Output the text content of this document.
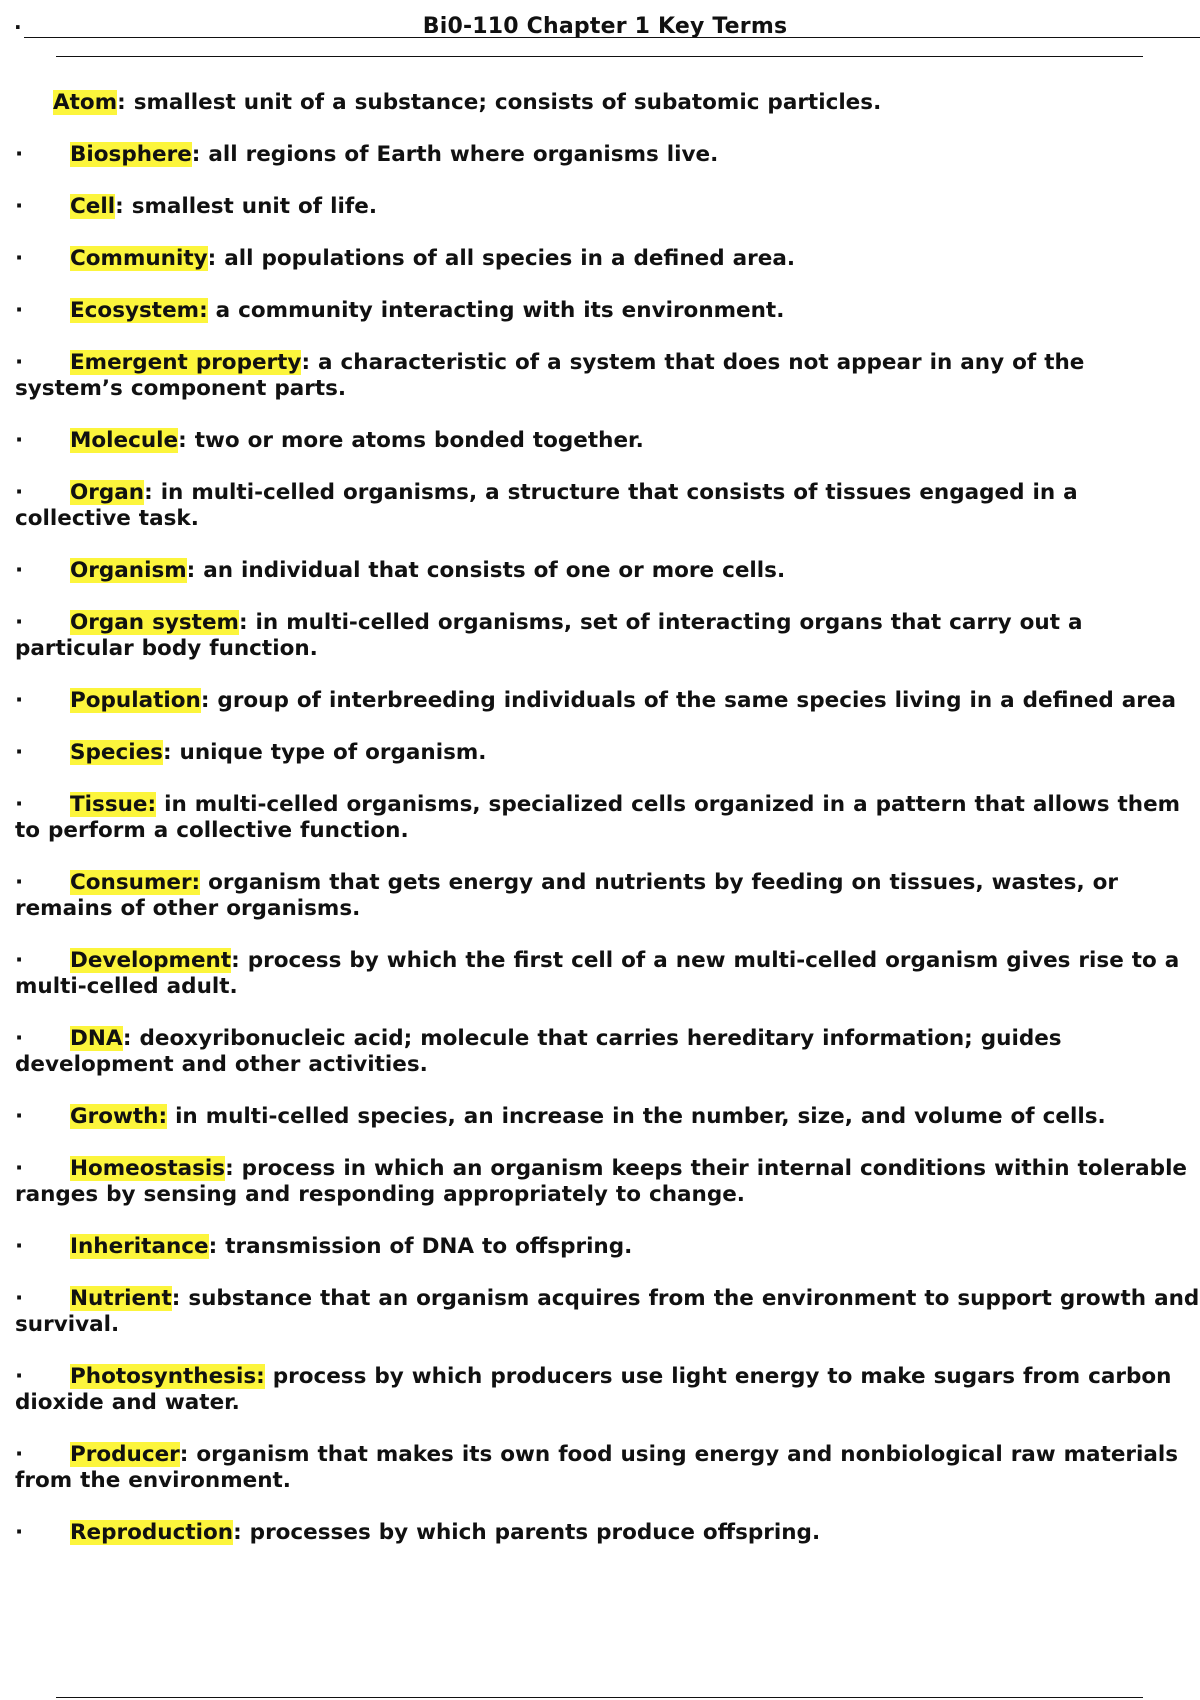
·	Bi0-110 Chapter 1 Key Terms
Atom: smallest unit of a substance; consists of subatomic particles.
· Biosphere: all regions of Earth where organisms live.
· Cell: smallest unit of life.
· Community: all populations of all species in a defined area.
· Ecosystem: a community interacting with its environment.
· Emergent property: a characteristic of a system that does not appear in any of the system’s component parts.
· Molecule: two or more atoms bonded together.
· Organ: in multi-celled organisms, a structure that consists of tissues engaged in a collective task.
· Organism: an individual that consists of one or more cells.
· Organ system: in multi-celled organisms, set of interacting organs that carry out a particular body function.
· Population: group of interbreeding individuals of the same species living in a defined area
· Species: unique type of organism.
· Tissue: in multi-celled organisms, specialized cells organized in a pattern that allows them to perform a collective function.
· Consumer: organism that gets energy and nutrients by feeding on tissues, wastes, or remains of other organisms.
· Development: process by which the first cell of a new multi-celled organism gives rise to a multi-celled adult.
· DNA: deoxyribonucleic acid; molecule that carries hereditary information; guides development and other activities.
· Growth: in multi-celled species, an increase in the number, size, and volume of cells.
· Homeostasis: process in which an organism keeps their internal conditions within tolerable ranges by sensing and responding appropriately to change.
· Inheritance: transmission of DNA to offspring.
· Nutrient: substance that an organism acquires from the environment to support growth and survival.
· Photosynthesis: process by which producers use light energy to make sugars from carbon dioxide and water.
· Producer: organism that makes its own food using energy and nonbiological raw materials from the environment.
· Reproduction: processes by which parents produce offspring.
